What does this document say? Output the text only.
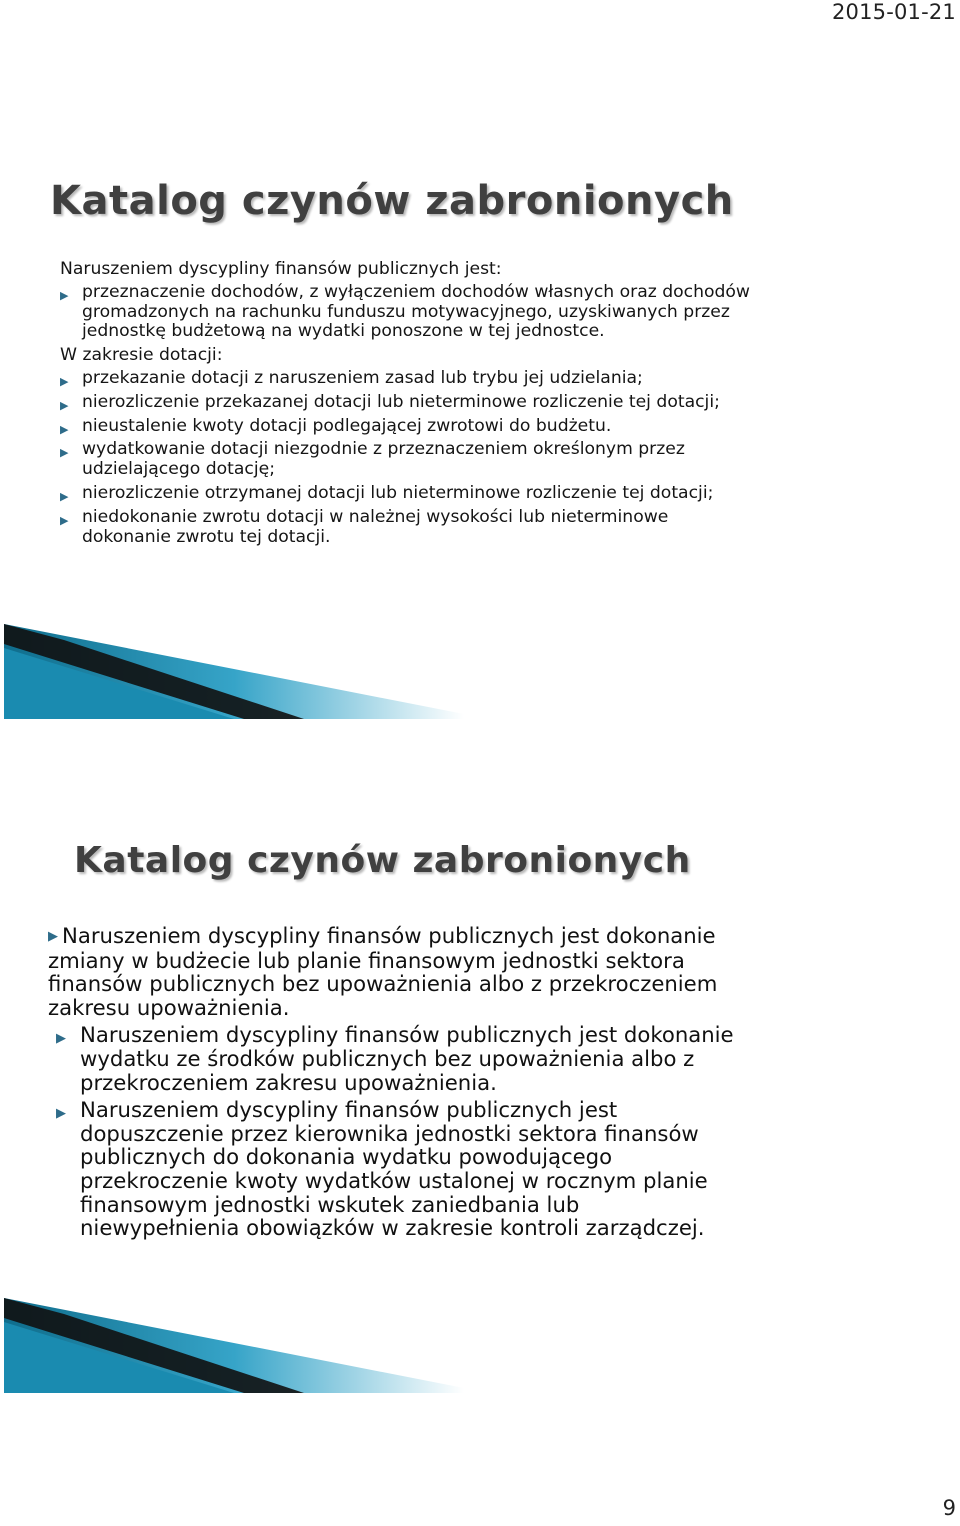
2015-01-21
Katalog czynów zabronionych

Naruszeniem dyscypliny finansów publicznych jest:

▶ przeznaczenie dochodów, z wyłączeniem dochodów własnych oraz dochodów gromadzonych na rachunku funduszu motywacyjnego, uzyskiwanych przez jednostkę budżetową na wydatki ponoszone w tej jednostce.

W zakresie dotacji:

▶ przekazanie dotacji z naruszeniem zasad lub trybu jej udzielania;
▶ nierozliczenie przekazanej dotacji lub nieterminowe rozliczenie tej dotacji;
▶ nieustalenie kwoty dotacji podlegającej zwrotowi do budżetu.
▶ wydatkowanie dotacji niezgodnie z przeznaczeniem określonym przez udzielającego dotację;
▶ nierozliczenie otrzymanej dotacji lub nieterminowe rozliczenie tej dotacji;
▶ niedokonanie zwrotu dotacji w należnej wysokości lub nieterminowe dokonanie zwrotu tej dotacji.
Katalog czynów zabronionych

▶ Naruszeniem dyscypliny finansów publicznych jest dokonanie zmiany w budżecie lub planie finansowym jednostki sektora finansów publicznych bez upoważnienia albo z przekroczeniem zakresu upoważnienia.

▶ Naruszeniem dyscypliny finansów publicznych jest dokonanie wydatku ze środków publicznych bez upoważnienia albo z przekroczeniem zakresu upoważnienia.
▶ Naruszeniem dyscypliny finansów publicznych jest dopuszczenie przez kierownika jednostki sektora finansów publicznych do dokonania wydatku powodującego przekroczenie kwoty wydatków ustalonej w rocznym planie finansowym jednostki wskutek zaniedbania lub niewypełnienia obowiązków w zakresie kontroli zarządczej.
9
